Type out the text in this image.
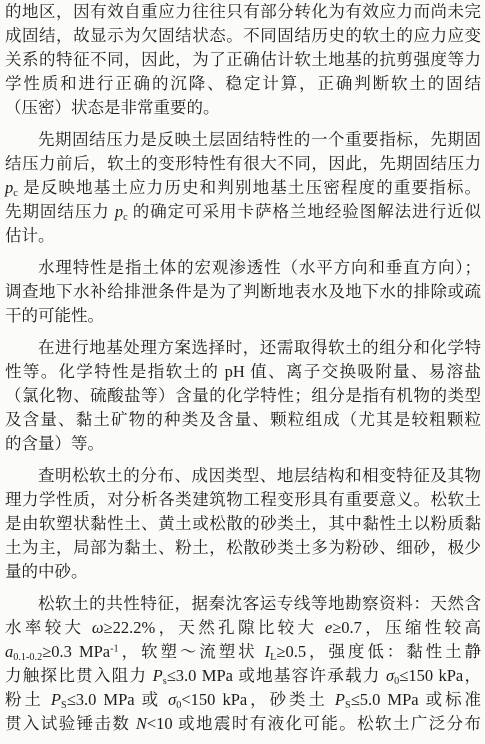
的地区，因有效自重应力往往只有部分转化为有效应力而尚未完
成固结，故显示为欠固结状态。不同固结历史的软土的应力应变
关系的特征不同，因此，为了正确估计软土地基的抗剪强度等力
学性质和进行正确的沉降、稳定计算，正确判断软土的固结
（压密）状态是非常重要的。
先期固结压力是反映土层固结特性的一个重要指标，先期固
结压力前后，软土的变形特性有很大不同，因此，先期固结压力
pc 是反映地基土应力历史和判别地基土压密程度的重要指标。
先期固结压力 pc 的确定可采用卡萨格兰地经验图解法进行近似
估计。
水理特性是指土体的宏观渗透性（水平方向和垂直方向）；
调查地下水补给排泄条件是为了判断地表水及地下水的排除或疏
干的可能性。
在进行地基处理方案选择时，还需取得软土的组分和化学特
性等。化学特性是指软土的 pH 值、离子交换吸附量、易溶盐
（氯化物、硫酸盐等）含量的化学特性；组分是指有机物的类型
及含量、黏土矿物的种类及含量、颗粒组成（尤其是较粗颗粒
的含量）等。
查明松软土的分布、成因类型、地层结构和相变特征及其物
理力学性质，对分析各类建筑物工程变形具有重要意义。松软土
是由软塑状黏性土、黄土或松散的砂类土，其中黏性土以粉质黏
土为主，局部为黏土、粉土，松散砂类土多为粉砂、细砂，极少
量的中砂。
松软土的共性特征，据秦沈客运专线等地勘察资料：天然含
水率较大 ω≥22.2%，天然孔隙比较大 e≥0.7，压缩性较高
a0.1-0.2≥0.3 MPa$^{-1}$，软塑～流塑状 IL≥0.5，强度低：黏性土静
力触探比贯入阻力 Ps≤3.0 MPa 或地基容许承载力 σ0≤150 kPa，
粉土 PS≤3.0 MPa 或 σ0<150 kPa，砂类土 PS≤5.0 MPa 或标准
贯入试验锤击数 N<10 或地震时有液化可能。松软土广泛分布
